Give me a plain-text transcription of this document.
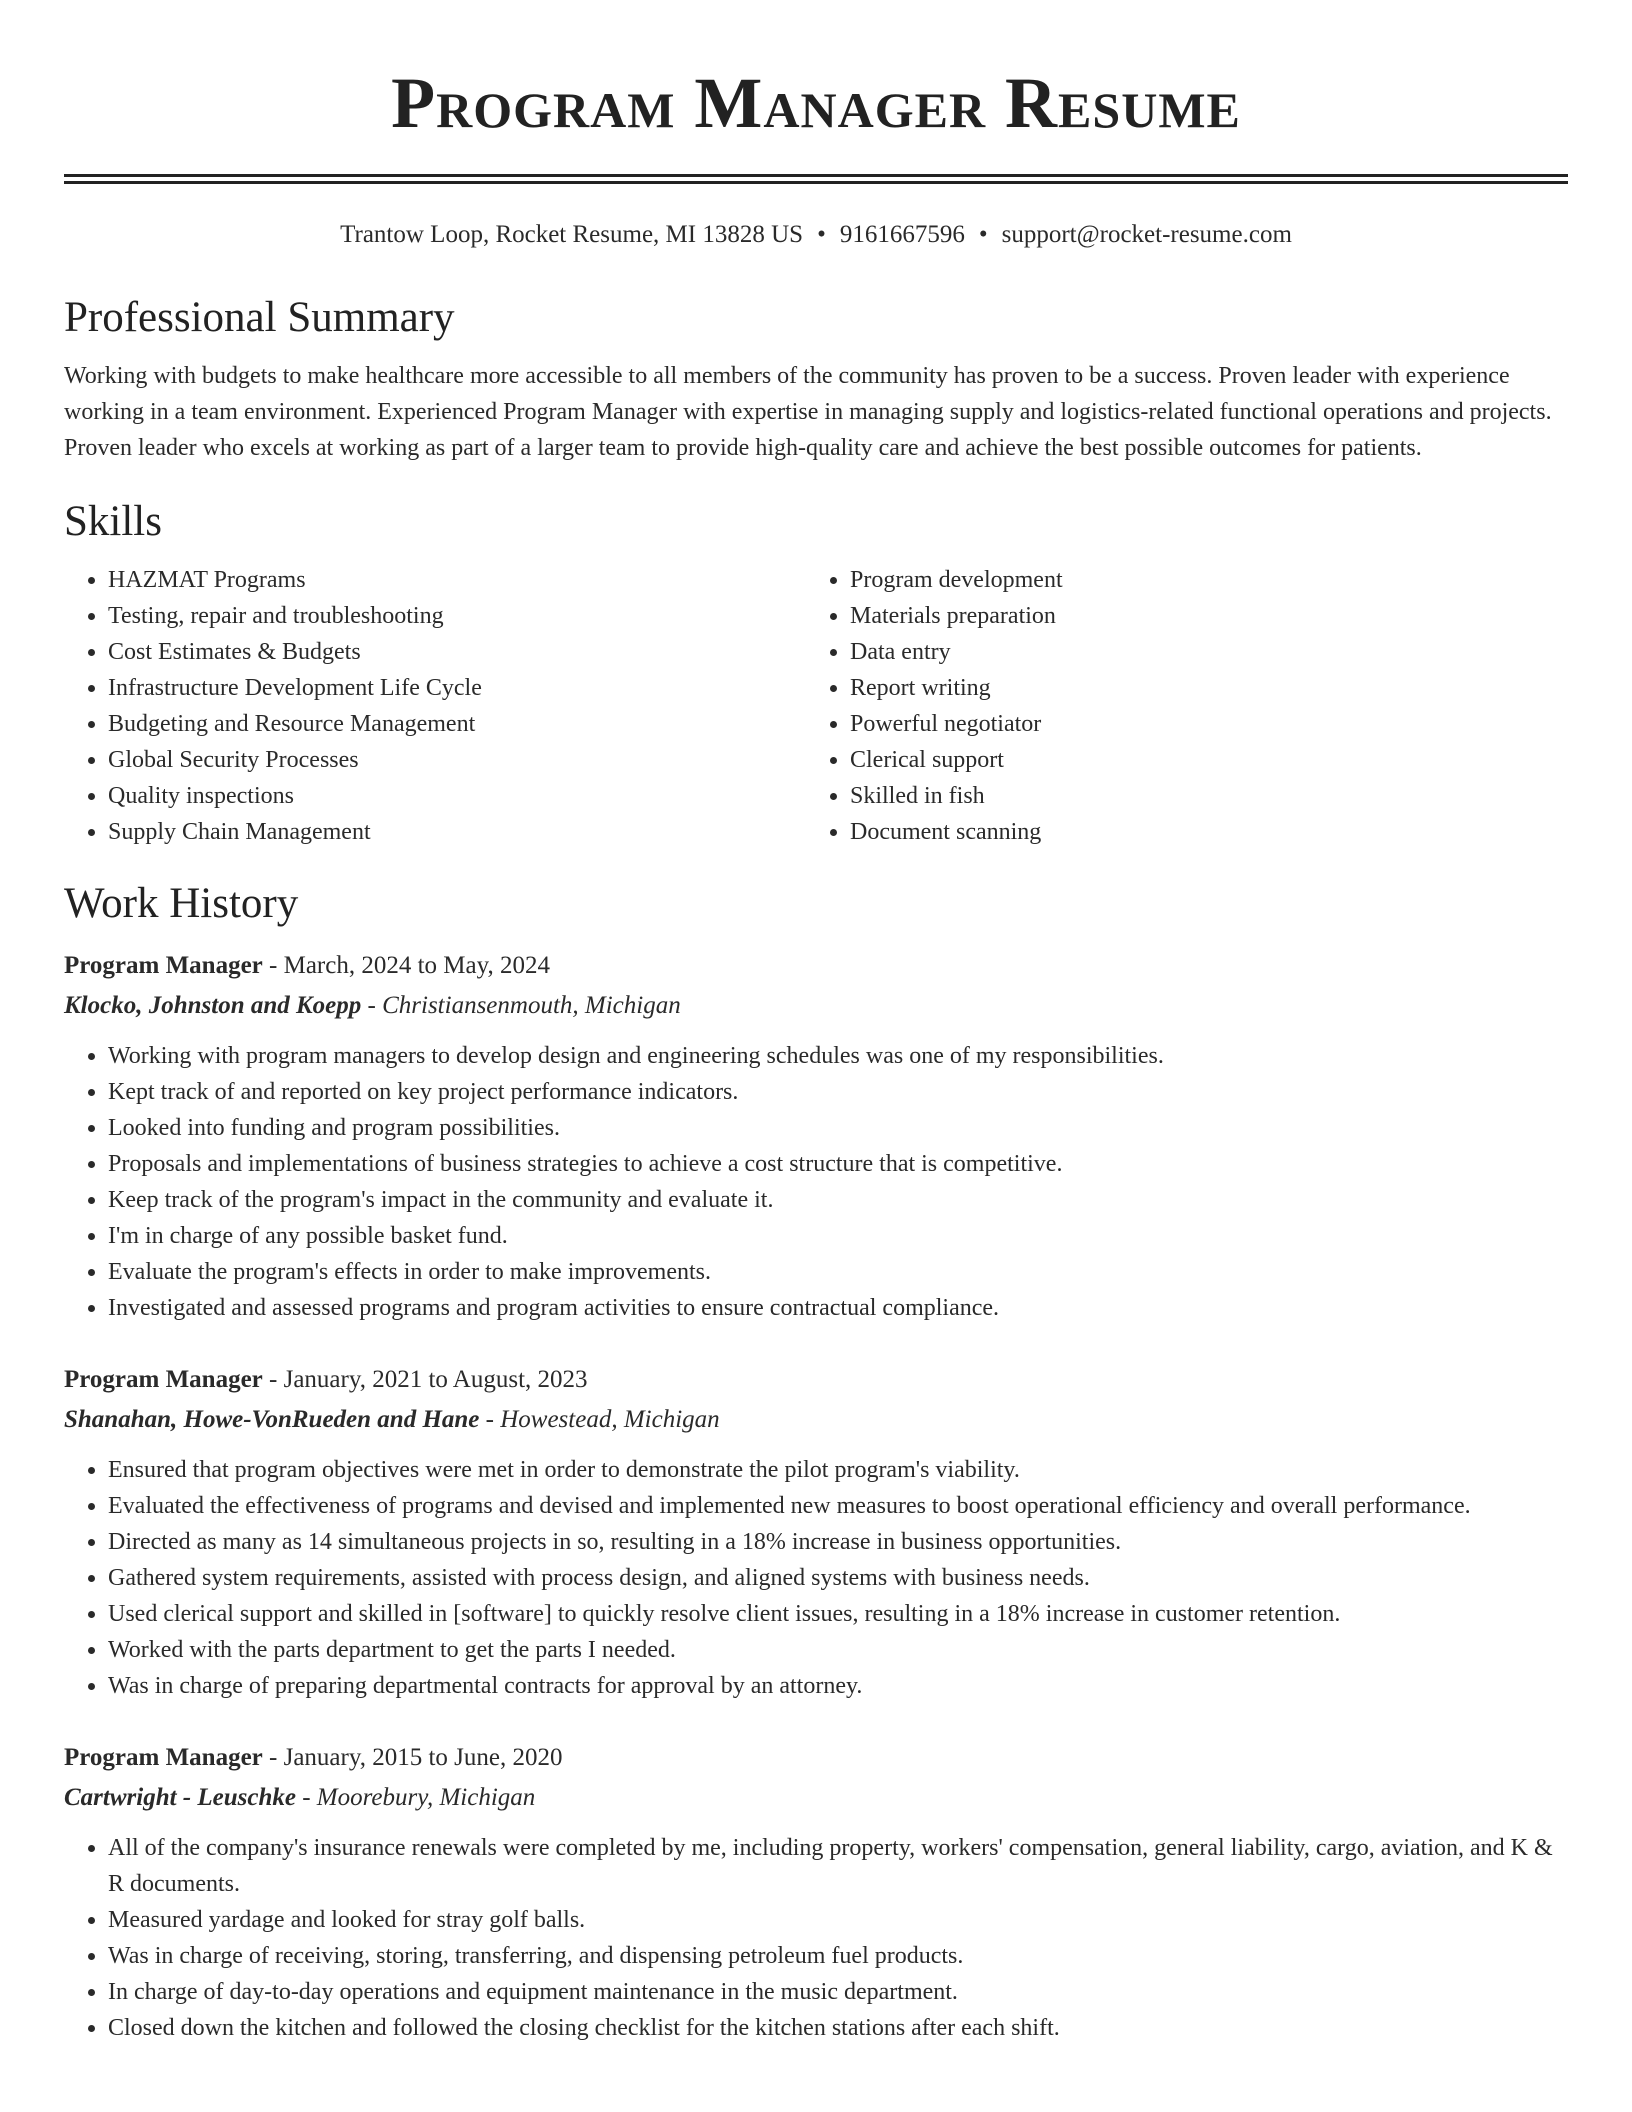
Program Manager Resume
Trantow Loop, Rocket Resume, MI 13828 US • 9161667596 • support@rocket-resume.com
Professional Summary

Working with budgets to make healthcare more accessible to all members of the community has proven to be a success. Proven leader with experience working in a team environment. Experienced Program Manager with expertise in managing supply and logistics-related functional operations and projects. Proven leader who excels at working as part of a larger team to provide high-quality care and achieve the best possible outcomes for patients.

Skills
• HAZMAT Programs
• Testing, repair and troubleshooting
• Cost Estimates & Budgets
• Infrastructure Development Life Cycle
• Budgeting and Resource Management
• Global Security Processes
• Quality inspections
• Supply Chain Management
• Program development
• Materials preparation
• Data entry
• Report writing
• Powerful negotiator
• Clerical support
• Skilled in fish
• Document scanning
Work History
Program Manager - March, 2024 to May, 2024
Klocko, Johnston and Koepp - Christiansenmouth, Michigan
• Working with program managers to develop design and engineering schedules was one of my responsibilities.
• Kept track of and reported on key project performance indicators.
• Looked into funding and program possibilities.
• Proposals and implementations of business strategies to achieve a cost structure that is competitive.
• Keep track of the program's impact in the community and evaluate it.
• I'm in charge of any possible basket fund.
• Evaluate the program's effects in order to make improvements.
• Investigated and assessed programs and program activities to ensure contractual compliance.
Program Manager - January, 2021 to August, 2023
Shanahan, Howe-VonRueden and Hane - Howestead, Michigan
• Ensured that program objectives were met in order to demonstrate the pilot program's viability.
• Evaluated the effectiveness of programs and devised and implemented new measures to boost operational efficiency and overall performance.
• Directed as many as 14 simultaneous projects in so, resulting in a 18% increase in business opportunities.
• Gathered system requirements, assisted with process design, and aligned systems with business needs.
• Used clerical support and skilled in [software] to quickly resolve client issues, resulting in a 18% increase in customer retention.
• Worked with the parts department to get the parts I needed.
• Was in charge of preparing departmental contracts for approval by an attorney.
Program Manager - January, 2015 to June, 2020
Cartwright - Leuschke - Moorebury, Michigan
• All of the company's insurance renewals were completed by me, including property, workers' compensation, general liability, cargo, aviation, and K & R documents.
• Measured yardage and looked for stray golf balls.
• Was in charge of receiving, storing, transferring, and dispensing petroleum fuel products.
• In charge of day-to-day operations and equipment maintenance in the music department.
• Closed down the kitchen and followed the closing checklist for the kitchen stations after each shift.
